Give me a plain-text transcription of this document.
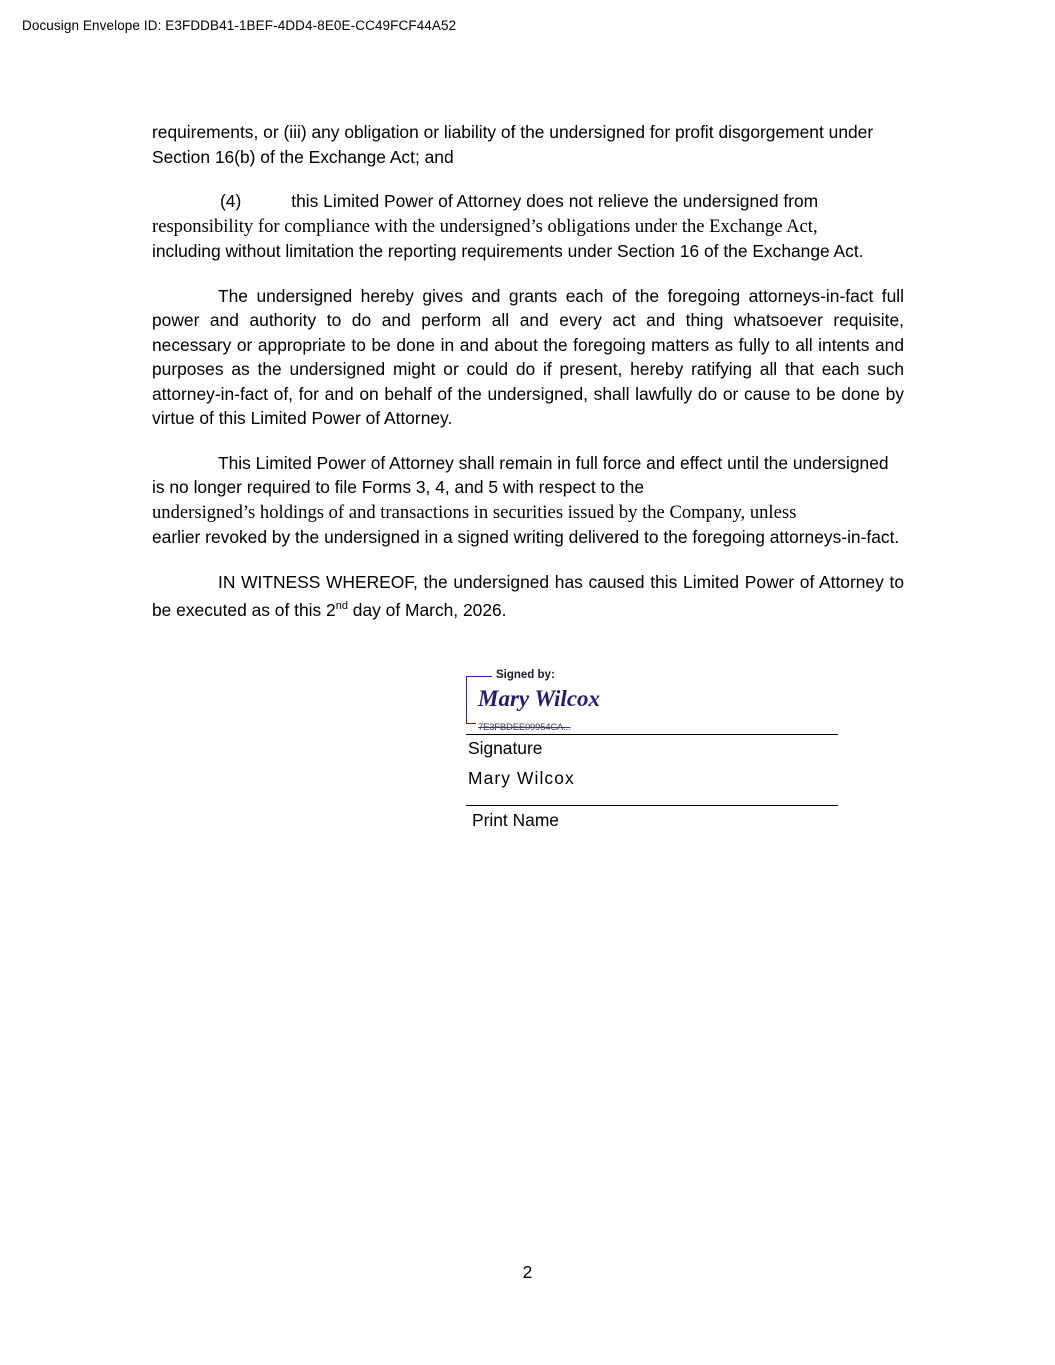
Docusign Envelope ID: E3FDDB41-1BEF-4DD4-8E0E-CC49FCF44A52

requirements, or (iii) any obligation or liability of the undersigned for profit disgorgement under Section 16(b) of the Exchange Act; and

(4)	this Limited Power of Attorney does not relieve the undersigned from
responsibility for compliance with the undersigned’s obligations under the Exchange Act,
including without limitation the reporting requirements under Section 16 of the Exchange Act.

The undersigned hereby gives and grants each of the foregoing attorneys-in-fact full power and authority to do and perform all and every act and thing whatsoever requisite, necessary or appropriate to be done in and about the foregoing matters as fully to all intents and purposes as the undersigned might or could do if present, hereby ratifying all that each such attorney-in-fact of, for and on behalf of the undersigned, shall lawfully do or cause to be done by virtue of this Limited Power of Attorney.

This Limited Power of Attorney shall remain in full force and effect until the undersigned is no longer required to file Forms 3, 4, and 5 with respect to the
undersigned’s holdings of and transactions in securities issued by the Company, unless
earlier revoked by the undersigned in a signed writing delivered to the foregoing attorneys-in-fact.

IN WITNESS WHEREOF, the undersigned has caused this Limited Power of Attorney to be executed as of this 2nd day of March, 2026.

Signed by:
Mary Wilcox
7E3FBDEE09954CA...
Signature
Mary Wilcox
Print Name
2
